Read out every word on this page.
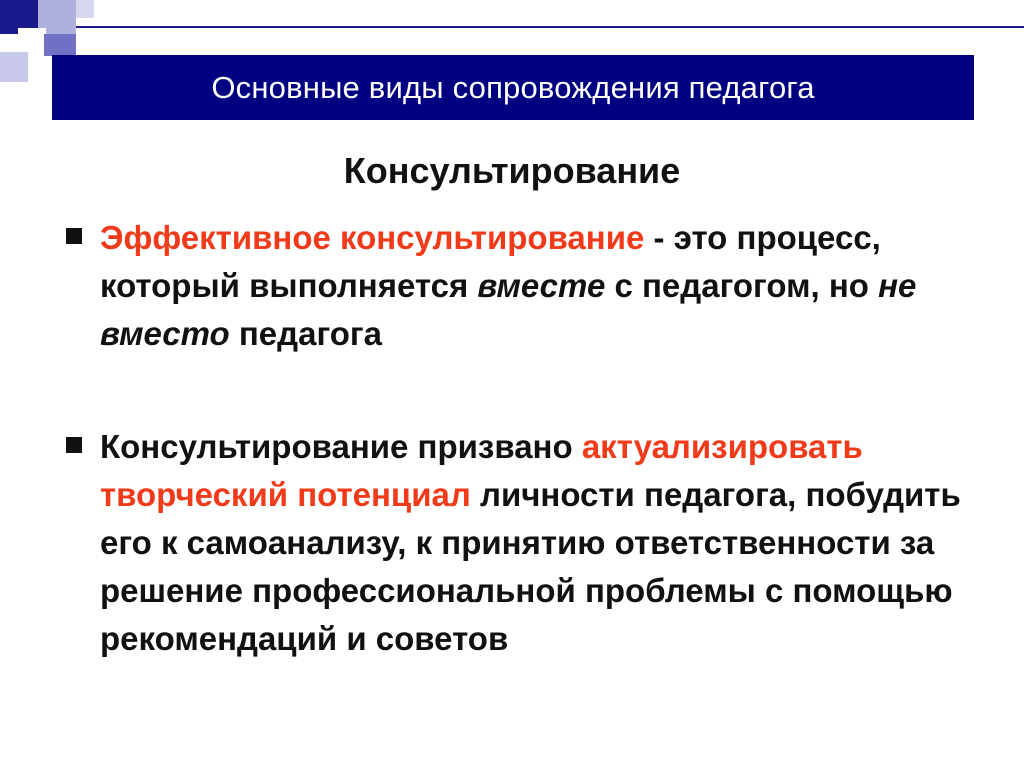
Основные виды сопровождения педагога
Консультирование
Эффективное консультирование - это процесс, который выполняется вместе с педагогом, но не вместо педагога
Консультирование призвано актуализировать творческий потенциал личности педагога, побудить его к самоанализу, к принятию ответственности за решение профессиональной проблемы с помощью рекомендаций и советов
